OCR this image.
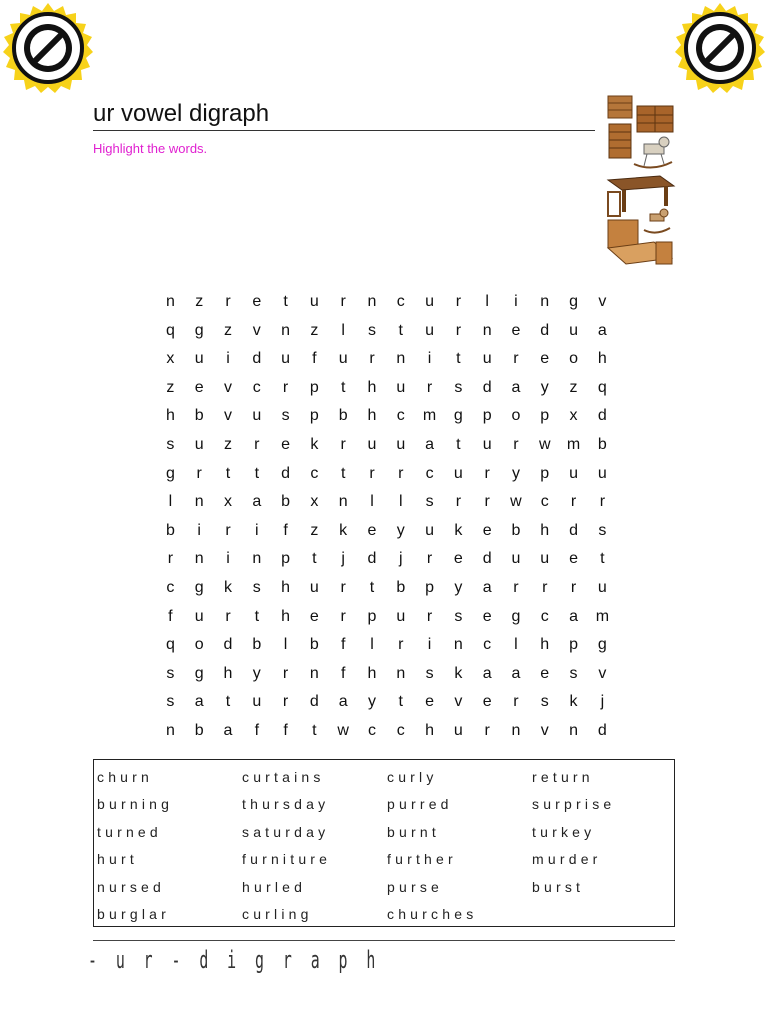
ur vowel digraph
Highlight the words.
n	z	r	e	t	u	r	n	c	u	r	l	i	n	g	v
q	g	z	v	n	z	l	s	t	u	r	n	e	d	u	a
x	u	i	d	u	f	u	r	n	i	t	u	r	e	o	h
z	e	v	c	r	p	t	h	u	r	s	d	a	y	z	q
h	b	v	u	s	p	b	h	c	m	g	p	o	p	x	d
s	u	z	r	e	k	r	u	u	a	t	u	r	w	m	b
g	r	t	t	d	c	t	r	r	c	u	r	y	p	u	u
l	n	x	a	b	x	n	l	l	s	r	r	w	c	r	r
b	i	r	i	f	z	k	e	y	u	k	e	b	h	d	s
r	n	i	n	p	t	j	d	j	r	e	d	u	u	e	t
c	g	k	s	h	u	r	t	b	p	y	a	r	r	r	u
f	u	r	t	h	e	r	p	u	r	s	e	g	c	a	m
q	o	d	b	l	b	f	l	r	i	n	c	l	h	p	g
s	g	h	y	r	n	f	h	n	s	k	a	a	e	s	v
s	a	t	u	r	d	a	y	t	e	v	e	r	s	k	j
n	b	a	f	f	t	w	c	c	h	u	r	n	v	n	d
churn
burning
turned
hurt
nursed
burglar
curtains
thursday
saturday
furniture
hurled
curling
curly
purred
burnt
further
purse
churches
return
surprise
turkey
murder
burst
- u r - d i g r a p h
